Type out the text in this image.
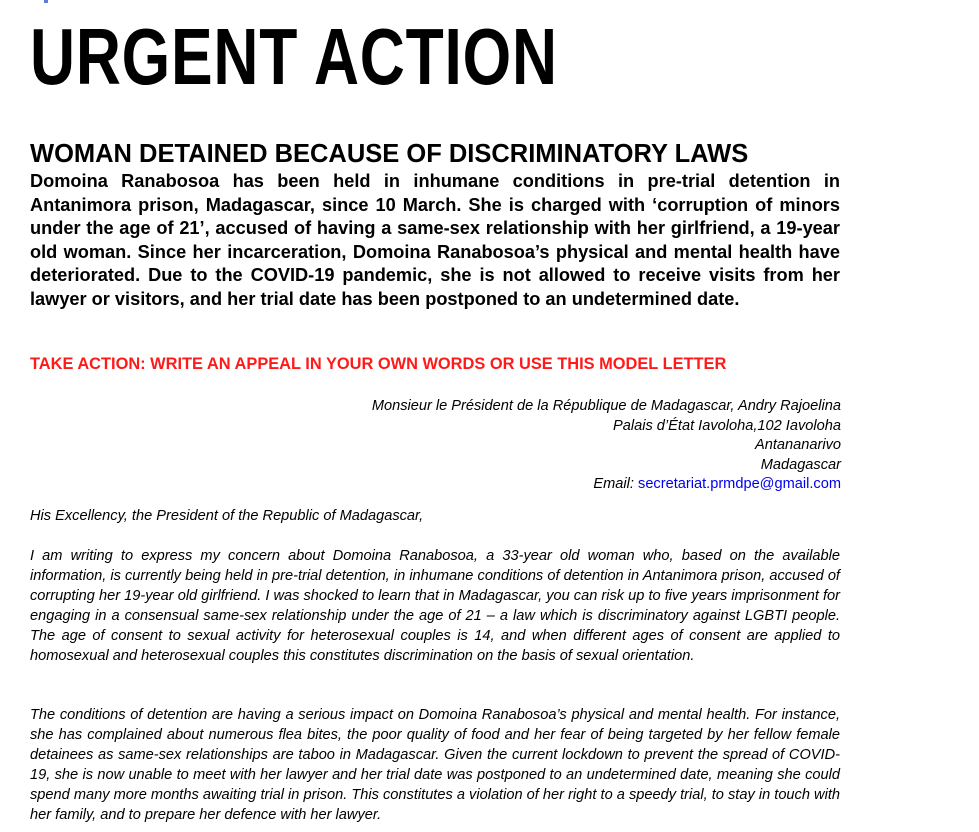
URGENT ACTION
WOMAN DETAINED BECAUSE OF DISCRIMINATORY LAWS
Domoina Ranabosoa has been held in inhumane conditions in pre-trial detention in Antanimora prison, Madagascar, since 10 March. She is charged with ‘corruption of minors under the age of 21’, accused of having a same-sex relationship with her girlfriend, a 19-year old woman. Since her incarceration, Domoina Ranabosoa’s physical and mental health have deteriorated. Due to the COVID-19 pandemic, she is not allowed to receive visits from her lawyer or visitors, and her trial date has been postponed to an undetermined date.
TAKE ACTION: WRITE AN APPEAL IN YOUR OWN WORDS OR USE THIS MODEL LETTER
Monsieur le Président de la République de Madagascar, Andry Rajoelina
Palais d’État Iavoloha,102 Iavoloha
Antananarivo
Madagascar
Email: secretariat.prmdpe@gmail.com
His Excellency, the President of the Republic of Madagascar,
I am writing to express my concern about Domoina Ranabosoa, a 33-year old woman who, based on the available information, is currently being held in pre-trial detention, in inhumane conditions of detention in Antanimora prison, accused of corrupting her 19-year old girlfriend. I was shocked to learn that in Madagascar, you can risk up to five years imprisonment for engaging in a consensual same-sex relationship under the age of 21 – a law which is discriminatory against LGBTI people. The age of consent to sexual activity for heterosexual couples is 14, and when different ages of consent are applied to homosexual and heterosexual couples this constitutes discrimination on the basis of sexual orientation.
The conditions of detention are having a serious impact on Domoina Ranabosoa’s physical and mental health. For instance, she has complained about numerous flea bites, the poor quality of food and her fear of being targeted by her fellow female detainees as same-sex relationships are taboo in Madagascar. Given the current lockdown to prevent the spread of COVID-19, she is now unable to meet with her lawyer and her trial date was postponed to an undetermined date, meaning she could spend many more months awaiting trial in prison. This constitutes a violation of her right to a speedy trial, to stay in touch with her family, and to prepare her defence with her lawyer.
